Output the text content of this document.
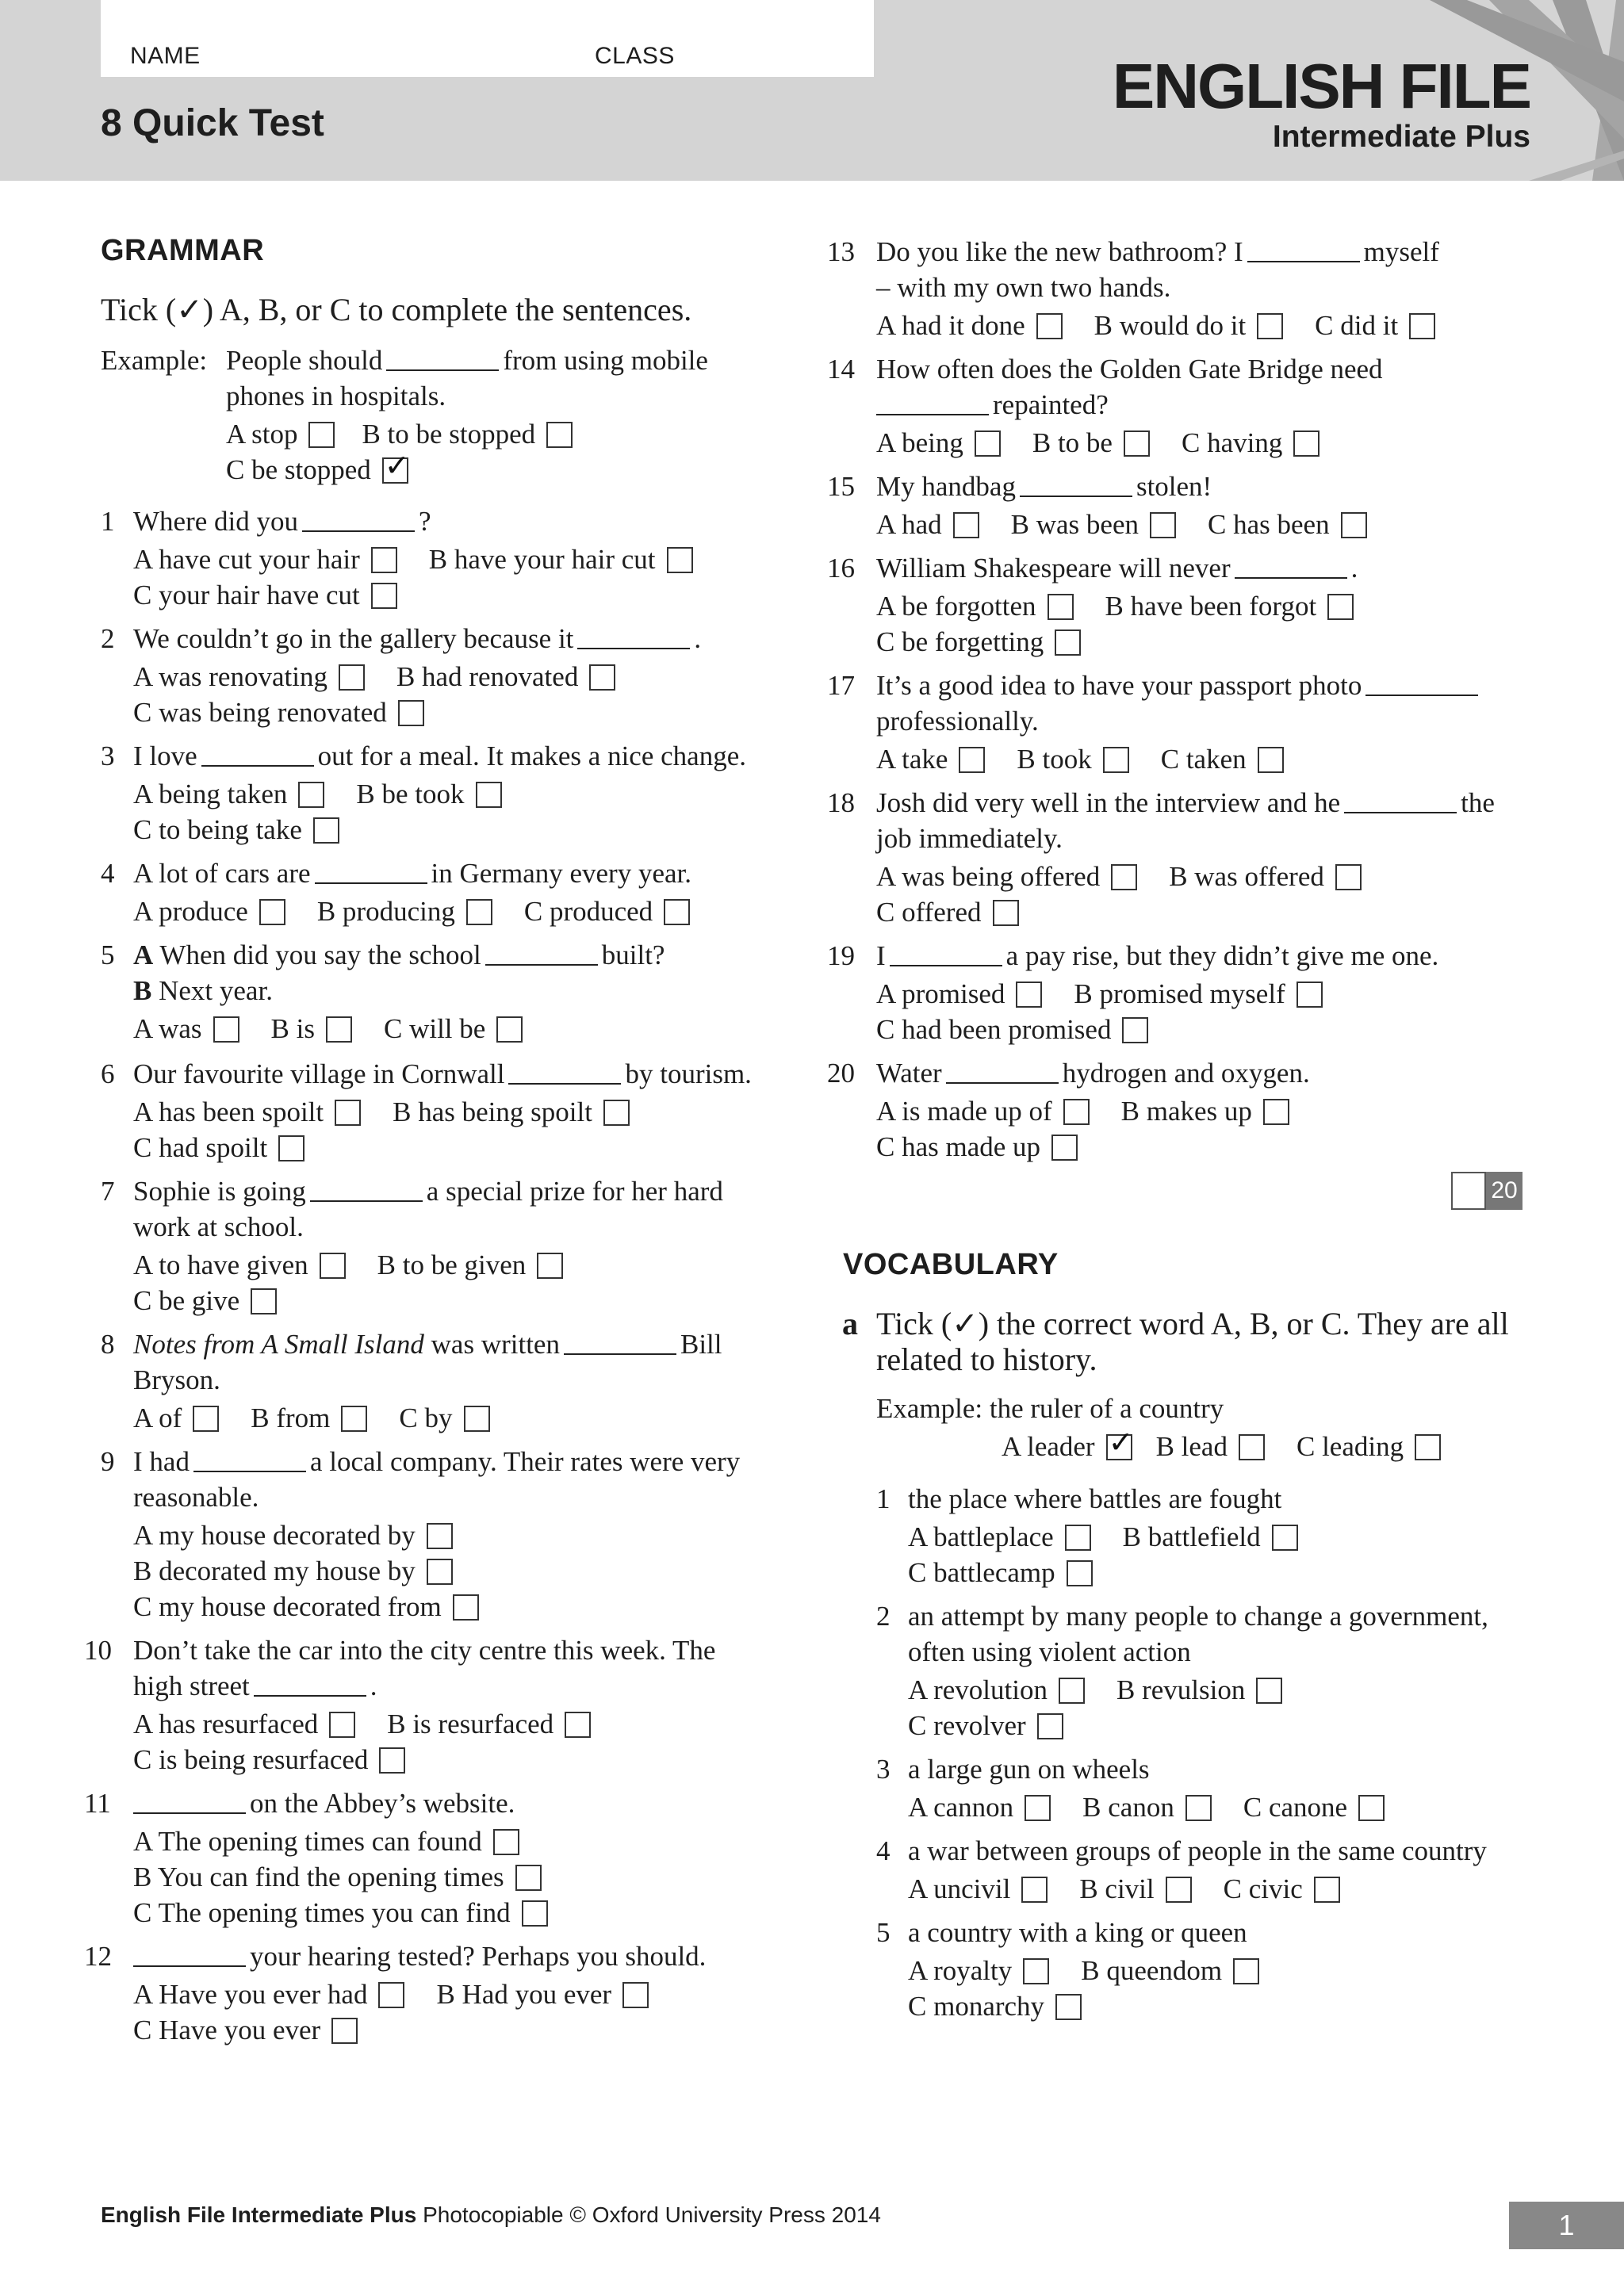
NAME	CLASS
8 Quick Test
ENGLISH FILE
Intermediate Plus
GRAMMAR
Tick (✓) A, B, or C to complete the sentences.
Example: People should	from using mobile
phones in hospitals.
A stop B to be stopped
C be stopped ✓
1 Where did you	?
A have cut your hair B have your hair cut
C your hair have cut
2 We couldn’t go in the gallery because it	.
A was renovating B had renovated
C was being renovated
3 I love	out for a meal. It makes a nice change.
A being taken B be took
C to being take
4 A lot of cars are	in Germany every year.
A produce B producing C produced
5 A When did you say the school	built?
B Next year.
A was B is C will be
6 Our favourite village in Cornwall	by tourism.
A has been spoilt B has being spoilt
C had spoilt
7 Sophie is going	a special prize for her hard
work at school.
A to have given B to be given
C be give
8 Notes from A Small Island was written	Bill
Bryson.
A of B from C by
9 I had	a local company. Their rates were very
reasonable.
A my house decorated by
B decorated my house by
C my house decorated from
10 Don’t take the car into the city centre this week. The
high street	.
A has resurfaced B is resurfaced
C is being resurfaced
11	on the Abbey’s website.
A The opening times can found
B You can find the opening times
C The opening times you can find
12	your hearing tested? Perhaps you should.
A Have you ever had B Had you ever
C Have you ever
13 Do you like the new bathroom? I	myself
– with my own two hands.
A had it done B would do it C did it
14 How often does the Golden Gate Bridge need
repainted?
A being B to be C having
15 My handbag	stolen!
A had B was been C has been
16 William Shakespeare will never	.
A be forgotten B have been forgot
C be forgetting
17 It’s a good idea to have your passport photo
professionally.
A take B took C taken
18 Josh did very well in the interview and he	the
job immediately.
A was being offered B was offered
C offered
19 I	a pay rise, but they didn’t give me one.
A promised B promised myself
C had been promised
20 Water	hydrogen and oxygen.
A is made up of B makes up
C has made up
20
VOCABULARY
a Tick (✓) the correct word A, B, or C. They are all
related to history.
Example: the ruler of a country
A leader ✓ B lead C leading
1 the place where battles are fought
A battleplace B battlefield
C battlecamp
2 an attempt by many people to change a government,
often using violent action
A revolution B revulsion
C revolver
3 a large gun on wheels
A cannon B canon C canone
4 a war between groups of people in the same country
A uncivil B civil C civic
5 a country with a king or queen
A royalty B queendom
C monarchy
English File Intermediate Plus Photocopiable © Oxford University Press 2014	1
